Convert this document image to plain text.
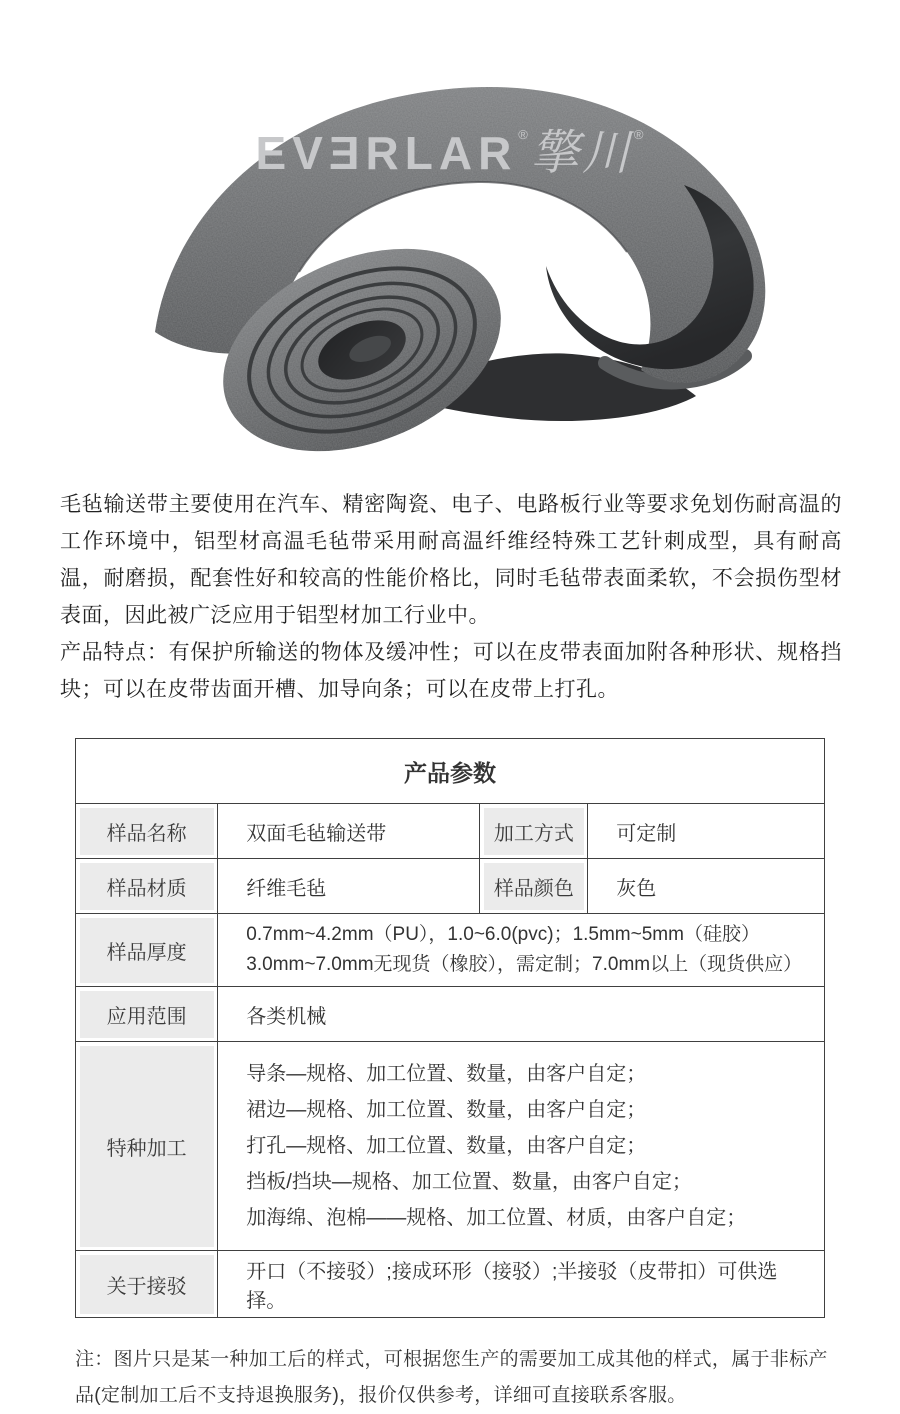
EVƎRLAR ® 擎川 ®

毛毡输送带主要使用在汽车、精密陶瓷、电子、电路板行业等要求免划伤耐高温的工作环境中，铝型材高温毛毡带采用耐高温纤维经特殊工艺针刺成型，具有耐高温，耐磨损，配套性好和较高的性能价格比，同时毛毡带表面柔软，不会损伤型材表面，因此被广泛应用于铝型材加工行业中。

产品特点：有保护所输送的物体及缓冲性；可以在皮带表面加附各种形状、规格挡块；可以在皮带齿面开槽、加导向条；可以在皮带上打孔。

产品参数			
样品名称	双面毛毡输送带	加工方式	可定制
样品材质	纤维毛毡	样品颜色	灰色
样品厚度	0.7mm~4.2mm（PU），1.0~6.0(pvc)；1.5mm~5mm（硅胶）
3.0mm~7.0mm无现货（橡胶），需定制；7.0mm以上（现货供应）		

应用范围	各类机械		
特种加工	导条—规格、加工位置、数量，由客户自定；
裙边—规格、加工位置、数量，由客户自定；
打孔—规格、加工位置、数量，由客户自定；
挡板/挡块—规格、加工位置、数量，由客户自定；
加海绵、泡棉——规格、加工位置、材质，由客户自定；		

关于接驳	开口（不接驳）;接成环形（接驳）;半接驳（皮带扣）可供选择。		
注：图片只是某一种加工后的样式，可根据您生产的需要加工成其他的样式，属于非标产品(定制加工后不支持退换服务)，报价仅供参考，详细可直接联系客服。
